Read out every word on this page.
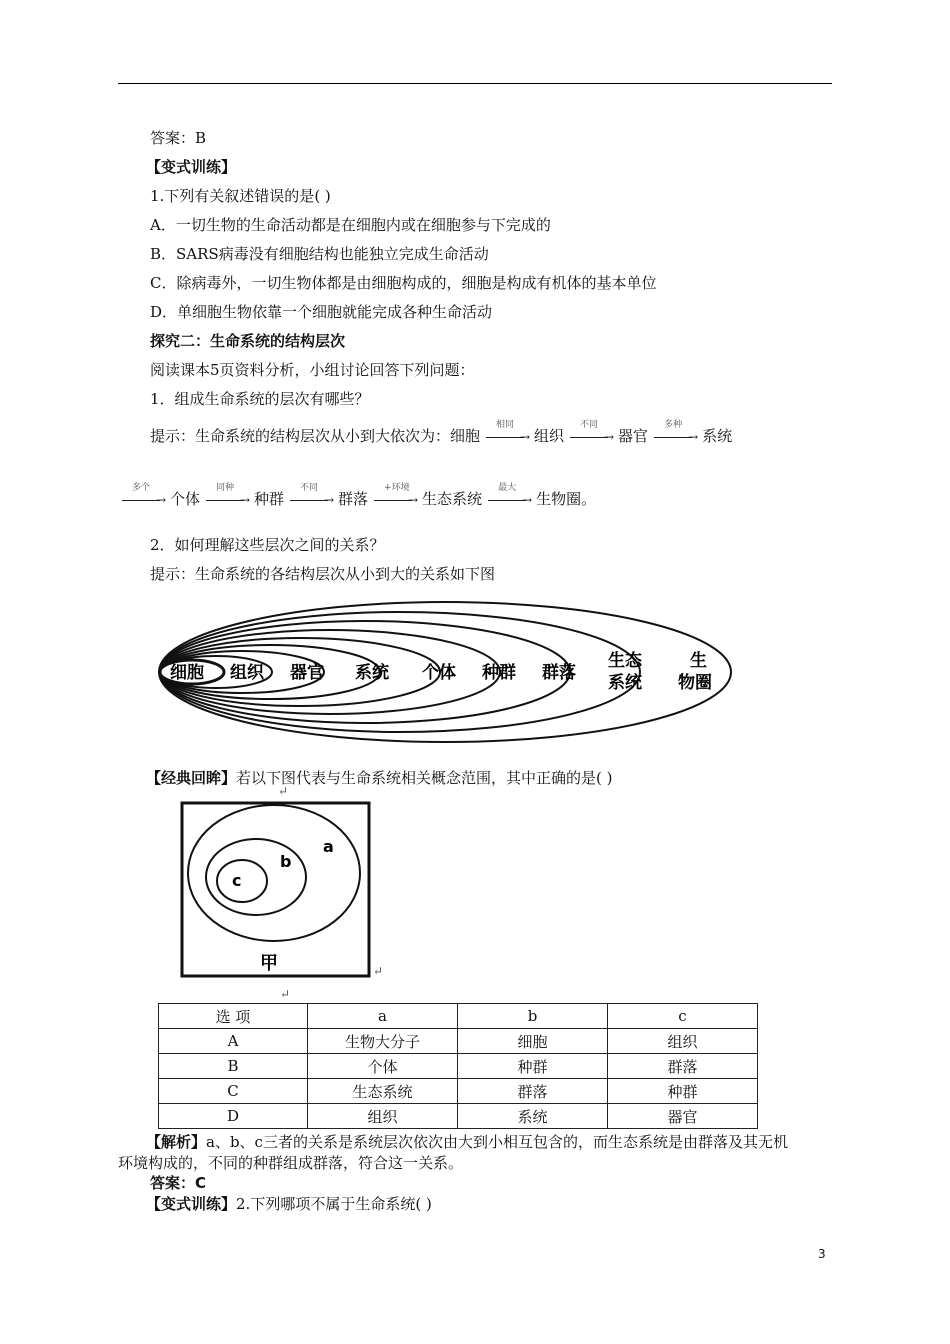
答案：B
【变式训练】
1.下列有关叙述错误的是( )
A．一切生物的生命活动都是在细胞内或在细胞参与下完成的
B．SARS病毒没有细胞结构也能独立完成生命活动
C．除病毒外，一切生物体都是由细胞构成的，细胞是构成有机体的基本单位
D．单细胞生物依靠一个细胞就能完成各种生命活动
探究二：生命系统的结构层次
阅读课本5页资料分析，小组讨论回答下列问题：
1．组成生命系统的层次有哪些？
提示：生命系统的结构层次从小到大依次为：细胞
相同
→ 组织
不同
→ 器官
多种
→ 系统
多个
→ 个体
同种
→ 种群
不同
→ 群落
+环境
→ 生态系统
最大
→ 生物圈。
2．如何理解这些层次之间的关系？
提示：生命系统的各结构层次从小到大的关系如下图
细胞 组织 器官 系统 个体 种群 群落
生态
系统
生
物圈
【经典回眸】若以下图代表与生命系统相关概念范围，其中正确的是( )
↵
a
b
c
甲	↵
↵
选 项	a	b	c
A	生物大分子	细胞	组织
B	个体	种群	群落
C	生态系统	群落	种群
D	组织	系统	器官
【解析】a、b、c三者的关系是系统层次依次由大到小相互包含的，而生态系统是由群落及其无机
环境构成的，不同的种群组成群落，符合这一关系。
答案：C
【变式训练】2.下列哪项不属于生命系统( )
3
